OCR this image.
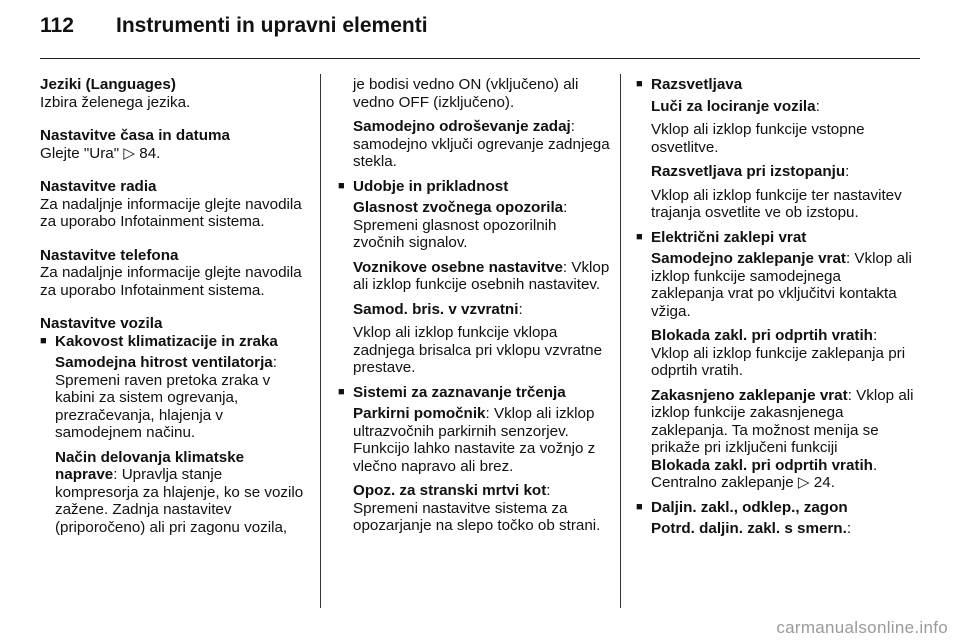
112	Instrumenti in upravni elementi
Jeziki (Languages)
Izbira želenega jezika.
Nastavitve časa in datuma
Glejte "Ura" ▷ 84.
Nastavitve radia
Za nadaljnje informacije glejte navodila za uporabo Infotainment sistema.
Nastavitve telefona
Za nadaljnje informacije glejte navodila za uporabo Infotainment sistema.
Nastavitve vozila
■ Kakovost klimatizacije in zraka
Samodejna hitrost ventilatorja: Spremeni raven pretoka zraka v kabini za sistem ogrevanja, prezračevanja, hlajenja v samodejnem načinu.
Način delovanja klimatske naprave: Upravlja stanje kompresorja za hlajenje, ko se vozilo zažene. Zadnja nastavitev (priporočeno) ali pri zagonu vozila,
je bodisi vedno ON (vključeno) ali vedno OFF (izključeno).
Samodejno odroševanje zadaj: samodejno vključi ogrevanje zadnjega stekla.
■ Udobje in prikladnost
Glasnost zvočnega opozorila: Spremeni glasnost opozorilnih zvočnih signalov.
Voznikove osebne nastavitve: Vklop ali izklop funkcije osebnih nastavitev.
Samod. bris. v vzvratni:
Vklop ali izklop funkcije vklopa zadnjega brisalca pri vklopu vzvratne prestave.
■ Sistemi za zaznavanje trčenja
Parkirni pomočnik: Vklop ali izklop ultrazvočnih parkirnih senzorjev. Funkcijo lahko nastavite za vožnjo z vlečno napravo ali brez.
Opoz. za stranski mrtvi kot: Spremeni nastavitve sistema za opozarjanje na slepo točko ob strani.
■ Razsvetljava
Luči za lociranje vozila:
Vklop ali izklop funkcije vstopne osvetlitve.
Razsvetljava pri izstopanju:
Vklop ali izklop funkcije ter nastavitev trajanja osvetlite ve ob izstopu.
■ Električni zaklepi vrat
Samodejno zaklepanje vrat: Vklop ali izklop funkcije samodejnega zaklepanja vrat po vključitvi kontakta vžiga.
Blokada zakl. pri odprtih vratih: Vklop ali izklop funkcije zaklepanja pri odprtih vratih.
Zakasnjeno zaklepanje vrat: Vklop ali izklop funkcije zakasnjenega zaklepanja. Ta možnost menija se prikaže pri izključeni funkciji
Blokada zakl. pri odprtih vratih.
Centralno zaklepanje ▷ 24.
■ Daljin. zakl., odklep., zagon
Potrd. daljin. zakl. s smern.:
carmanualsonline.info
